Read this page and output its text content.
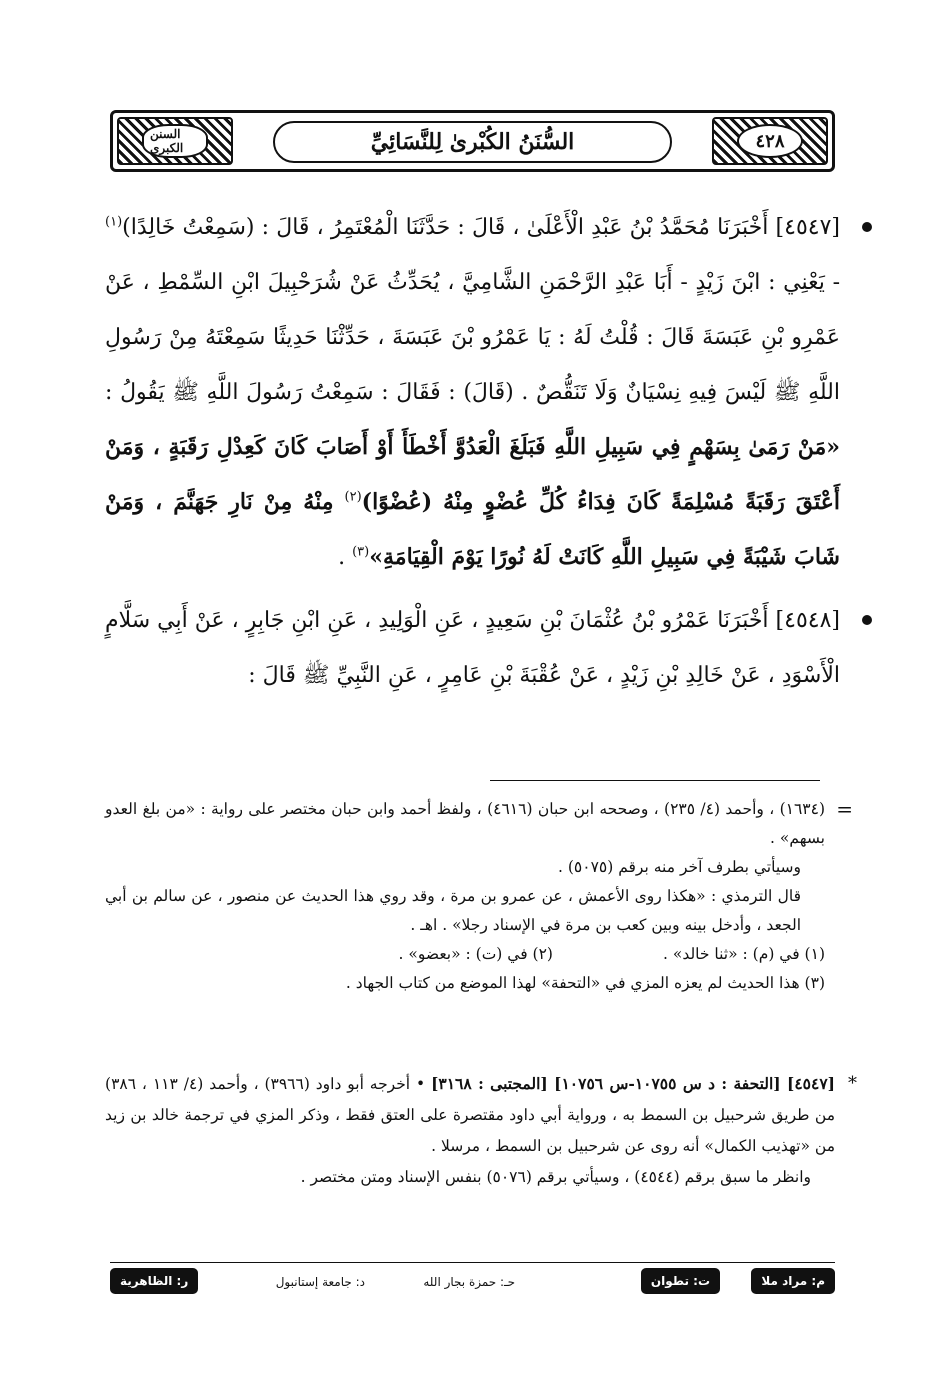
٤٢٨
السُّنَنُ الكُبْرىٰ لِلنَّسَائِيِّ
السنن الكبرى
[٤٥٤٧] أَخْبَرَنَا مُحَمَّدُ بْنُ عَبْدِ الْأَعْلَىٰ ، قَالَ : حَدَّثَنَا الْمُعْتَمِرُ ، قَالَ : (سَمِعْتُ خَالِدًا)$^{(١)}$ - يَعْنِي : ابْنَ زَيْدٍ - أَبَا عَبْدِ الرَّحْمَنِ الشَّامِيَّ ، يُحَدِّثُ عَنْ شُرَحْبِيلَ ابْنِ السِّمْطِ ، عَنْ عَمْرِو بْنِ عَبَسَةَ قَالَ : قُلْتُ لَهُ : يَا عَمْرُو بْنَ عَبَسَةَ ، حَدِّثْنَا حَدِيثًا سَمِعْتَهُ مِنْ رَسُولِ اللَّهِ ﷺ لَيْسَ فِيهِ نِسْيَانٌ وَلَا تَنَقُّصٌ . (قَالَ) : فَقَالَ : سَمِعْتُ رَسُولَ اللَّهِ ﷺ يَقُولُ : «مَنْ رَمَىٰ بِسَهْمٍ فِي سَبِيلِ اللَّهِ فَبَلَغَ الْعَدُوَّ أَخْطَأَ أَوْ أَصَابَ كَانَ كَعِدْلِ رَقَبَةٍ ، وَمَنْ أَعْتَقَ رَقَبَةً مُسْلِمَةً كَانَ فِدَاءُ كُلِّ عُضْوٍ مِنْهُ (عُضْوًا)$^{(٢)}$ مِنْهُ مِنْ نَارِ جَهَنَّمَ ، وَمَنْ شَابَ شَيْبَةً فِي سَبِيلِ اللَّهِ كَانَتْ لَهُ نُورًا يَوْمَ الْقِيَامَةِ»$^{(٣)}$ .
[٤٥٤٨] أَخْبَرَنَا عَمْرُو بْنُ عُثْمَانَ بْنِ سَعِيدٍ ، عَنِ الْوَلِيدِ ، عَنِ ابْنِ جَابِرٍ ، عَنْ أَبِي سَلَّامٍ الْأَسْوَدِ ، عَنْ خَالِدِ بْنِ زَيْدٍ ، عَنْ عُقْبَةَ بْنِ عَامِرٍ ، عَنِ النَّبِيِّ ﷺ قَالَ :
=

(١٦٣٤) ، وأحمد (٤/ ٢٣٥) ، وصححه ابن حبان (٤٦١٦) ، ولفظ أحمد وابن حبان مختصر على رواية : «من بلغ العدو بسهم» .

وسيأتي بطرف آخر منه برقم (٥٠٧٥) .

قال الترمذي : «هكذا روى الأعمش ، عن عمرو بن مرة ، وقد روي هذا الحديث عن منصور ، عن سالم بن أبي الجعد ، وأدخل بينه وبين كعب بن مرة في الإسناد رجلا» . اهـ .

(١) في (م) : «ثنا خالد» .
(٢) في (ت) : «بعضو» .

(٣) هذا الحديث لم يعزه المزي في «التحفة» لهذا الموضع من كتاب الجهاد .

*

[٤٥٤٧] [التحفة : د س ١٠٧٥٥-س ١٠٧٥٦] [المجتبى : ٣١٦٨] • أخرجه أبو داود (٣٩٦٦) ، وأحمد (٤/ ١١٣ ، ٣٨٦) من طريق شرحبيل بن السمط به ، ورواية أبي داود مقتصرة على العتق فقط ، وذكر المزي في ترجمة خالد بن زيد من «تهذيب الكمال» أنه روى عن شرحبيل بن السمط ، مرسلا .

وانظر ما سبق برقم (٤٥٤٤) ، وسيأتي برقم (٥٠٧٦) بنفس الإسناد ومتن مختصر .

م: مراد ملا
ت: تطوان
حـ: حمزة بجار الله
د: جامعة إستانبول
ر: الظاهرية
